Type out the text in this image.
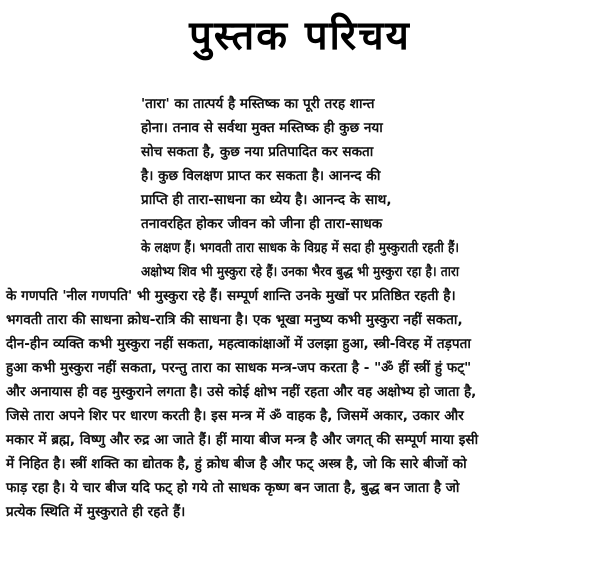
पुस्तक परिचय
'तारा' का तात्पर्य है मस्तिष्क का पूरी तरह शान्त
होना। तनाव से सर्वथा मुक्त मस्तिष्क ही कुछ नया
सोच सकता है, कुछ नया प्रतिपादित कर सकता
है। कुछ विलक्षण प्राप्त कर सकता है। आनन्द की
प्राप्ति ही तारा-साधना का ध्येय है। आनन्द के साथ,
तनावरहित होकर जीवन को जीना ही तारा-साधक
के लक्षण हैं। भगवती तारा साधक के विग्रह में सदा ही मुस्कुराती रहती हैं।
अक्षोभ्य शिव भी मुस्कुरा रहे हैं। उनका भैरव बुद्ध भी मुस्कुरा रहा है। तारा
के गणपति 'नील गणपति' भी मुस्कुरा रहे हैं। सम्पूर्ण शान्ति उनके मुखों पर प्रतिष्ठित रहती है।
भगवती तारा की साधना क्रोध-रात्रि की साधना है। एक भूखा मनुष्य कभी मुस्कुरा नहीं सकता,
दीन-हीन व्यक्ति कभी मुस्कुरा नहीं सकता, महत्वाकांक्षाओं में उलझा हुआ, स्त्री-विरह में तड़पता
हुआ कभी मुस्कुरा नहीं सकता, परन्तु तारा का साधक मन्त्र-जप करता है - "ॐ हीं स्त्रीं हुं फट्"
और अनायास ही वह मुस्कुराने लगता है। उसे कोई क्षोभ नहीं रहता और वह अक्षोभ्य हो जाता है,
जिसे तारा अपने शिर पर धारण करती है। इस मन्त्र में ॐ वाहक है, जिसमें अकार, उकार और
मकार में ब्रह्म, विष्णु और रुद्र आ जाते हैं। हीं माया बीज मन्त्र है और जगत् की सम्पूर्ण माया इसी
में निहित है। स्त्रीं शक्ति का द्योतक है, हुं क्रोध बीज है और फट् अस्त्र है, जो कि सारे बीजों को
फाड़ रहा है। ये चार बीज यदि फट् हो गये तो साधक कृष्ण बन जाता है, बुद्ध बन जाता है जो
प्रत्येक स्थिति में मुस्कुराते ही रहते हैं।
